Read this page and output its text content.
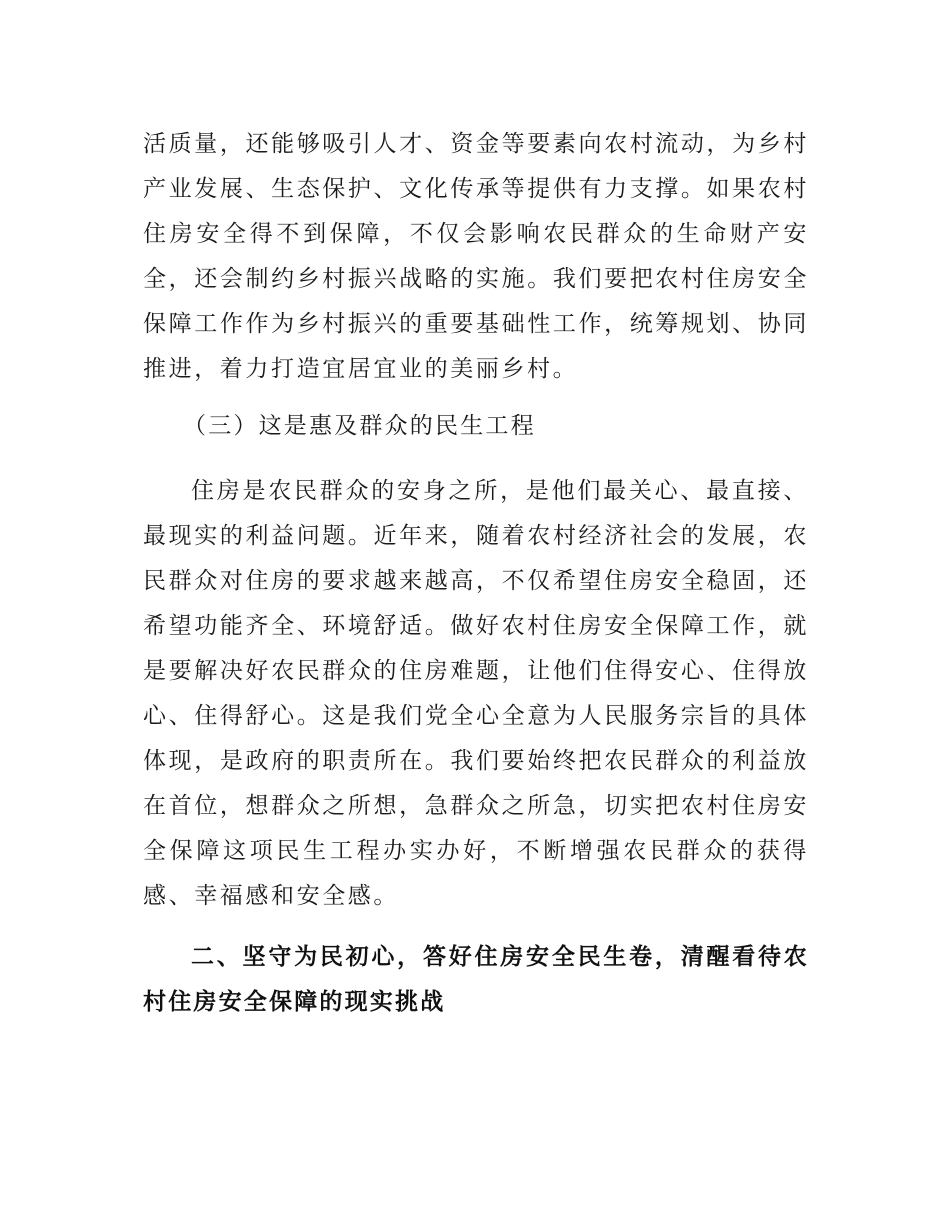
活质量，还能够吸引人才、资金等要素向农村流动，为乡村产业发展、生态保护、文化传承等提供有力支撑。如果农村住房安全得不到保障，不仅会影响农民群众的生命财产安全，还会制约乡村振兴战略的实施。我们要把农村住房安全保障工作作为乡村振兴的重要基础性工作，统筹规划、协同推进，着力打造宜居宜业的美丽乡村。

（三）这是惠及群众的民生工程

住房是农民群众的安身之所，是他们最关心、最直接、最现实的利益问题。近年来，随着农村经济社会的发展，农民群众对住房的要求越来越高，不仅希望住房安全稳固，还希望功能齐全、环境舒适。做好农村住房安全保障工作，就是要解决好农民群众的住房难题，让他们住得安心、住得放心、住得舒心。这是我们党全心全意为人民服务宗旨的具体体现，是政府的职责所在。我们要始终把农民群众的利益放在首位，想群众之所想，急群众之所急，切实把农村住房安全保障这项民生工程办实办好，不断增强农民群众的获得感、幸福感和安全感。

二、坚守为民初心，答好住房安全民生卷，清醒看待农村住房安全保障的现实挑战
